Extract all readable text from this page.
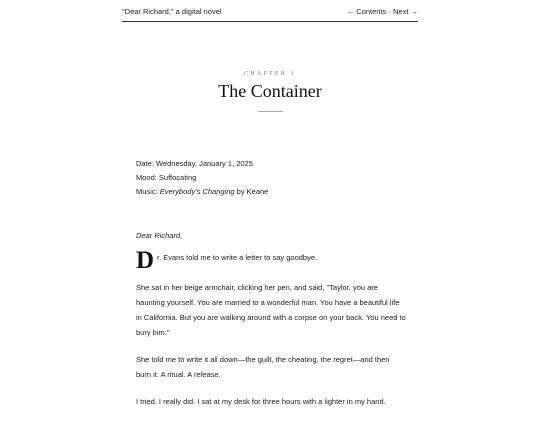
"Dear Richard," a digital novel	← Contents · Next →
CHAPTER 1
The Container

Date: Wednesday, January 1, 2025

Mood: Suffocating

Music: Everybody's Changing by Keane

Dear Richard,

D r. Evans told me to write a letter to say goodbye.

She sat in her beige armchair, clicking her pen, and said, "Taylor, you are haunting yourself. You are married to a wonderful man. You have a beautiful life in California. But you are walking around with a corpse on your back. You need to bury him."

She told me to write it all down—the guilt, the cheating, the regret—and then burn it. A ritual. A release.

I tried. I really did. I sat at my desk for three hours with a lighter in my hand.
